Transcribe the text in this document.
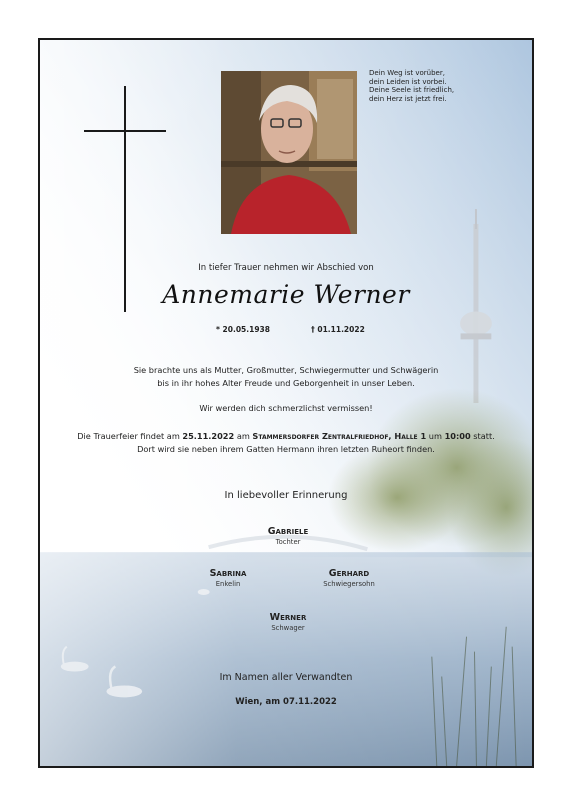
Dein Weg ist vorüber,
dein Leiden ist vorbei.
Deine Seele ist friedlich,
dein Herz ist jetzt frei.
In tiefer Trauer nehmen wir Abschied von
Annemarie Werner
* 20.05.1938	† 01.11.2022
Sie brachte uns als Mutter, Großmutter, Schwiegermutter und Schwägerin
bis in ihr hohes Alter Freude und Geborgenheit in unser Leben.
Wir werden dich schmerzlichst vermissen!
Die Trauerfeier findet am 25.11.2022 am Stammersdorfer Zentralfriedhof, Halle 1 um 10:00 statt.
Dort wird sie neben ihrem Gatten Hermann ihren letzten Ruheort finden.
In liebevoller Erinnerung
Gabriele
Tochter
Sabrina
Enkelin
Gerhard
Schwiegersohn
Werner
Schwager
Im Namen aller Verwandten
Wien, am 07.11.2022
